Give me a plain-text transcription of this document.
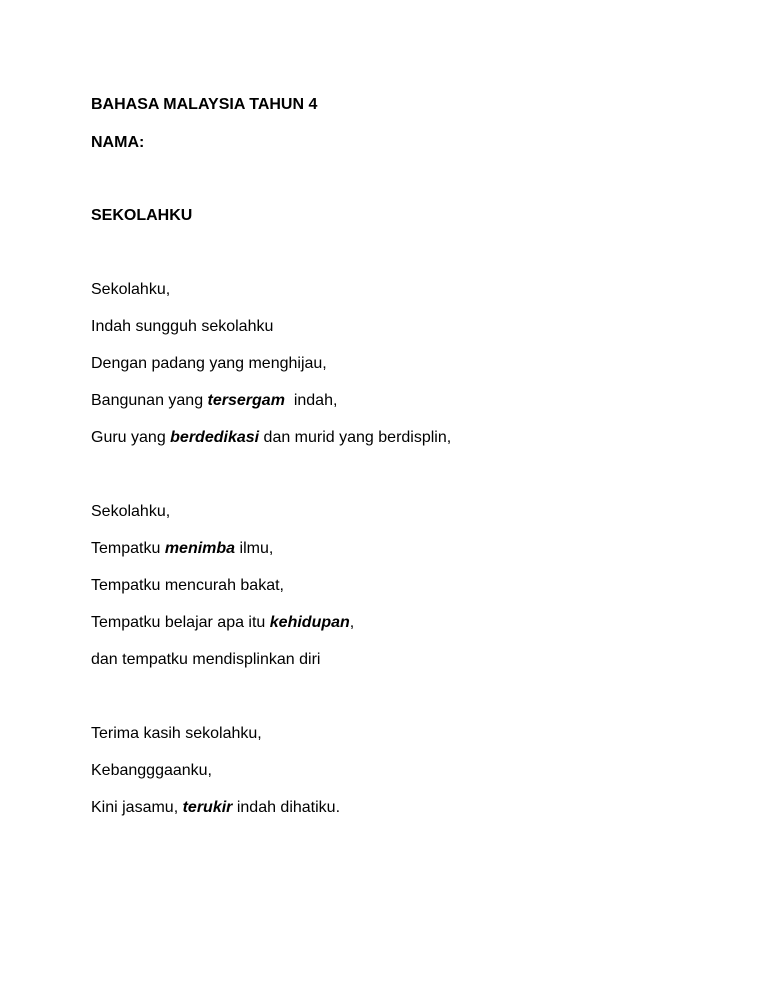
BAHASA MALAYSIA TAHUN 4
NAMA:
SEKOLAHKU
Sekolahku,
Indah sungguh sekolahku
Dengan padang yang menghijau,
Bangunan yang tersergam  indah,
Guru yang berdedikasi dan murid yang berdisplin,
Sekolahku,
Tempatku menimba ilmu,
Tempatku mencurah bakat,
Tempatku belajar apa itu kehidupan,
dan tempatku mendisplinkan diri
Terima kasih sekolahku,
Kebangggaanku,
Kini jasamu, terukir indah dihatiku.
